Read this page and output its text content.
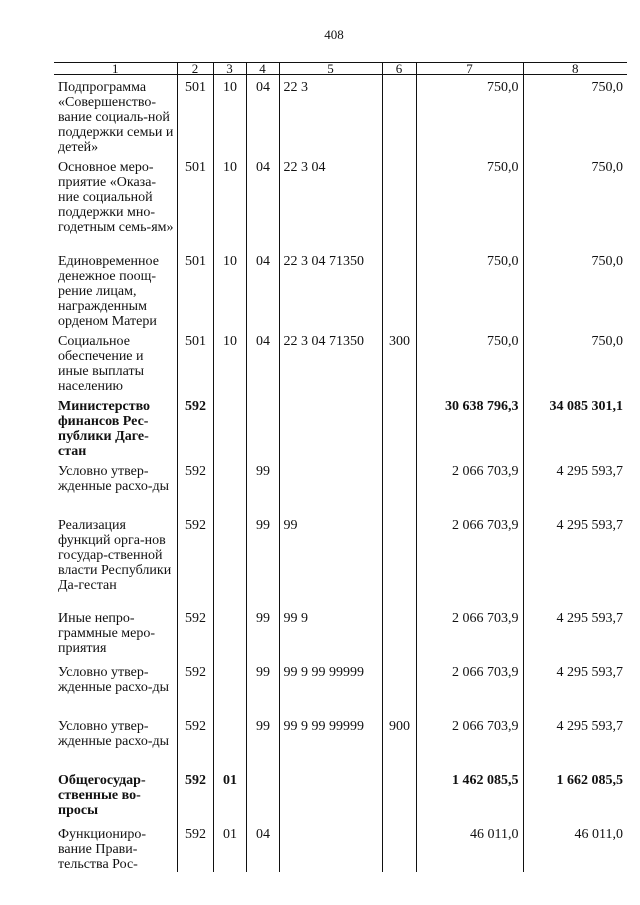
408
1	2	3	4	5	6	7	8
Подпрограмма «Совершенство-вание социаль-ной поддержки семьи и детей»	501	10	04	22 3		750,0	750,0
Основное меро-приятие «Оказа-ние социальной поддержки мно-годетным семь-ям»	501	10	04	22 3 04		750,0	750,0
Единовременное денежное поощ-рение лицам, награжденным орденом Матери	501	10	04	22 3 04 71350		750,0	750,0
Социальное обеспечение и иные выплаты населению	501	10	04	22 3 04 71350	300	750,0	750,0
Министерство финансов Рес-публики Даге-стан	592					30 638 796,3	34 085 301,1
Условно утвер-жденные расхо-ды	592		99			2 066 703,9	4 295 593,7
Реализация функций орга-нов государ-ственной власти Республики Да-гестан	592		99	99		2 066 703,9	4 295 593,7
Иные непро-граммные меро-приятия	592		99	99 9		2 066 703,9	4 295 593,7
Условно утвер-жденные расхо-ды	592		99	99 9 99 99999		2 066 703,9	4 295 593,7
Условно утвер-жденные расхо-ды	592		99	99 9 99 99999	900	2 066 703,9	4 295 593,7
Общегосудар-ственные во-просы	592	01				1 462 085,5	1 662 085,5
Функциониро-вание Прави-тельства Рос-	592	01	04			46 011,0	46 011,0
